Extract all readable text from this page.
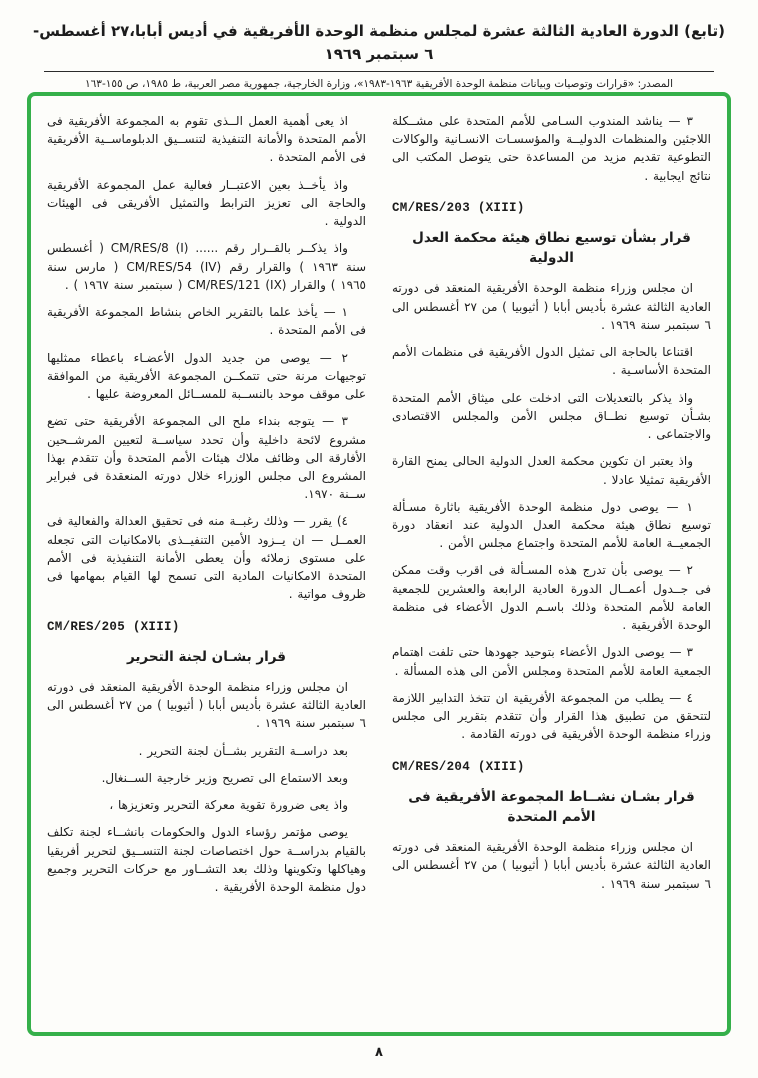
(تابع) الدورة العادية الثالثة عشرة لمجلس منظمة الوحدة الأفريقية في أديس أبابا،٢٧ أغسطس- ٦ سبتمبر ١٩٦٩
المصدر: «قرارات وتوصيات وبيانات منظمة الوحدة الأفريقية ١٩٦٣-١٩٨٣»، وزارة الخارجية، جمهورية مصر العربية، ط ١٩٨٥، ص ١٥٥-١٦٣

٣ — يناشد المندوب السـامى للأمم المتحدة على مشــكلة اللاجئين والمنظمات الدوليــة والمؤسسـات الانسـانية والوكالات التطوعية تقديم مزيد من المساعدة حتى يتوصل المكتب الى نتائج ايجابية .

CM/RES/203 (XIII)
قرار بشأن توسيع نطاق هيئة محكمة العدل الدولية

ان مجلس وزراء منظمة الوحدة الأفريقية المنعقد فى دورته العادية الثالثة عشرة بأديس أبابا ( أثيوبيا ) من ٢٧ أغسطس الى ٦ سبتمبر سنة ١٩٦٩ .

اقتناعا بالحاجة الى تمثيل الدول الأفريقية فى منظمات الأمم المتحدة الأساسـية .

واذ يذكر بالتعديلات التى ادخلت على ميثاق الأمم المتحدة بشـأن توسيع نطــاق مجلس الأمن والمجلس الاقتصادى والاجتماعى .

واذ يعتبر ان تكوين محكمة العدل الدولية الحالى يمنح القارة الأفريقية تمثيلا عادلا .

١ — يوصى دول منظمة الوحدة الأفريقية باثارة مسـألة توسيع نطاق هيئة محكمة العدل الدولية عند انعقاد دورة الجمعيــة العامة للأمم المتحدة واجتماع مجلس الأمن .

٢ — يوصى بأن تدرج هذه المسـألة فى اقرب وقت ممكن فى جــدول أعمــال الدورة العادية الرابعة والعشرين للجمعية العامة للأمم المتحدة وذلك باسـم الدول الأعضاء فى منظمة الوحدة الأفريقية .

٣ — يوصى الدول الأعضاء بتوحيد جهودها حتى تلفت اهتمام الجمعية العامة للأمم المتحدة ومجلس الأمن الى هذه المسألة .

٤ — يطلب من المجموعة الأفريقية ان تتخذ التدابير اللازمة لتتحقق من تطبيق هذا القرار وأن تتقدم بتقرير الى مجلس وزراء منظمة الوحدة الأفريقية فى دورته القادمة .

CM/RES/204 (XIII)
قرار بشـان نشــاط المجموعة الأفريقية فى الأمم المتحدة

ان مجلس وزراء منظمة الوحدة الأفريقية المنعقد فى دورته العادية الثالثة عشرة بأديس أبابا ( أثيوبيا ) من ٢٧ أغسطس الى ٦ سبتمبر سنة ١٩٦٩ .

اذ يعى أهمية العمل الــذى تقوم به المجموعة الأفريقية فى الأمم المتحدة والأمانة التنفيذية لتنســيق الدبلوماســية الأفريقية فى الأمم المتحدة .

واذ يأخــذ بعين الاعتبــار فعالية عمل المجموعة الأفريقية والحاجة الى تعزيز الترابط والتمثيل الأفريقى فى الهيئات الدولية .

واذ يذكــر بالقــرار رقم ...... CM/RES/8 (I) ( أغسطس سنة ١٩٦٣ ) والقرار رقم CM/RES/54 (IV) ( مارس سنة ١٩٦٥ ) والقرار CM/RES/121 (IX) ( سبتمبر سنة ١٩٦٧ ) .

١ — يأخذ علما بالتقرير الخاص بنشاط المجموعة الأفريقية فى الأمم المتحدة .

٢ — يوصى من جديد الدول الأعضـاء باعطاء ممثليها توجيهات مرنة حتى تتمكــن المجموعة الأفريقية من الموافقة على موقف موحد بالنســبة للمســائل المعروضة عليها .

٣ — يتوجه بنداء ملح الى المجموعة الأفريقية حتى تضع مشروع لائحة داخلية وأن تحدد سياســة لتعيين المرشــحين الأفارقة الى وظائف ملاك هيئات الأمم المتحدة وأن تتقدم بهذا المشروع الى مجلس الوزراء خلال دورته المنعقدة فى فبراير ســنة ١٩٧٠.

٤) يقرر — وذلك رغبــة منه فى تحقيق العدالة والفعالية فى العمــل — ان يــزود الأمين التنفيــذى بالامكانيات التى تجعله على مستوى زملائه وأن يعطى الأمانة التنفيذية فى الأمم المتحدة الامكانيات المادية التى تسمح لها القيام بمهامها فى ظروف مواتية .

CM/RES/205 (XIII)
قرار بشـان لجنة التحرير

ان مجلس وزراء منظمة الوحدة الأفريقية المنعقد فى دورته العادية الثالثة عشرة بأديس أبابا ( أثيوبيا ) من ٢٧ أغسطس الى ٦ سبتمبر سنة ١٩٦٩ .

بعد دراســة التقرير بشــأن لجنة التحرير .

وبعد الاستماع الى تصريح وزير خارجية الســنغال.

واذ يعى ضرورة تقوية معركة التحرير وتعزيزها ،

يوصى مؤتمر رؤساء الدول والحكومات بانشــاء لجنة تكلف بالقيام بدراســة حول اختصاصات لجنة التنســيق لتحرير أفريقيا وهياكلها وتكوينها وذلك بعد التشــاور مع حركات التحرير وجميع دول منظمة الوحدة الأفريقية .

٨
